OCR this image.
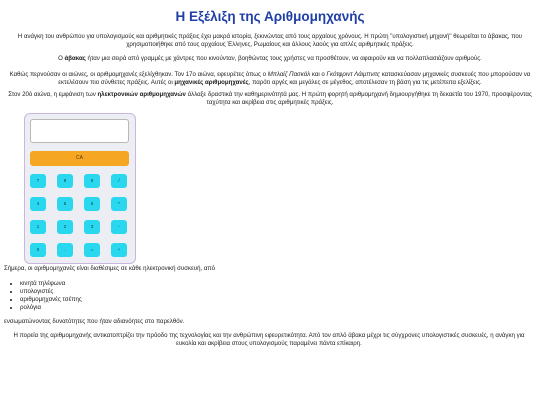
Η Εξέλιξη της Αριθμομηχανής

Η ανάγκη του ανθρώπου για υπολογισμούς και αριθμητικές πράξεις έχει μακρά ιστορία, ξεκινώντας από τους αρχαίους χρόνους. Η πρώτη "υπολογιστική μηχανή" θεωρείται το άβακας, που χρησιμοποιήθηκε από τους αρχαίους Έλληνες, Ρωμαίους και άλλους λαούς για απλές αριθμητικές πράξεις.

Ο άβακας ήταν μια σειρά από γραμμές με χάντρες που κινούνταν, βοηθώντας τους χρήστες να προσθέτουν, να αφαιρούν και να πολλαπλασιάζουν αριθμούς.

Καθώς περνούσαν οι αιώνες, οι αριθμομηχανές εξελίχθηκαν. Τον 17ο αιώνα, εφευρέτες όπως ο Μπλαίζ Πασκάλ και ο Γκότφριντ Λάιμπνιτς κατασκεύασαν μηχανικές συσκευές που μπορούσαν να εκτελέσουν πιο σύνθετες πράξεις. Αυτές οι μηχανικές αριθμομηχανές, παρότι αργές και μεγάλες σε μέγεθος, αποτέλεσαν τη βάση για τις μετέπειτα εξελίξεις.

Στον 20ό αιώνα, η εμφάνιση των ηλεκτρονικών αριθμομηχανών άλλαξε δραστικά την καθημερινότητά μας. Η πρώτη φορητή αριθμομηχανή δημιουργήθηκε τη δεκαετία του 1970, προσφέροντας ταχύτητα και ακρίβεια στις αριθμητικές πράξεις.

CA
7	8	9	/
4	5	6	*
1	2	3	-
0	.	=	+

Σήμερα, οι αριθμομηχανές είναι διαθέσιμες σε κάθε ηλεκτρονική συσκευή, από

• κινητά τηλέφωνα
• υπολογιστές
• αριθμομηχανές τσέπης
• ρολόγια

ενσωματώνοντας δυνατότητες που ήταν αδιανόητες στο παρελθόν.

Η πορεία της αριθμομηχανής αντικατοπτρίζει την πρόοδο της τεχνολογίας και την ανθρώπινη εφευρετικότητα. Από τον απλό άβακα μέχρι τις σύγχρονες υπολογιστικές συσκευές, η ανάγκη για ευκολία και ακρίβεια στους υπολογισμούς παραμένει πάντα επίκαιρη.
